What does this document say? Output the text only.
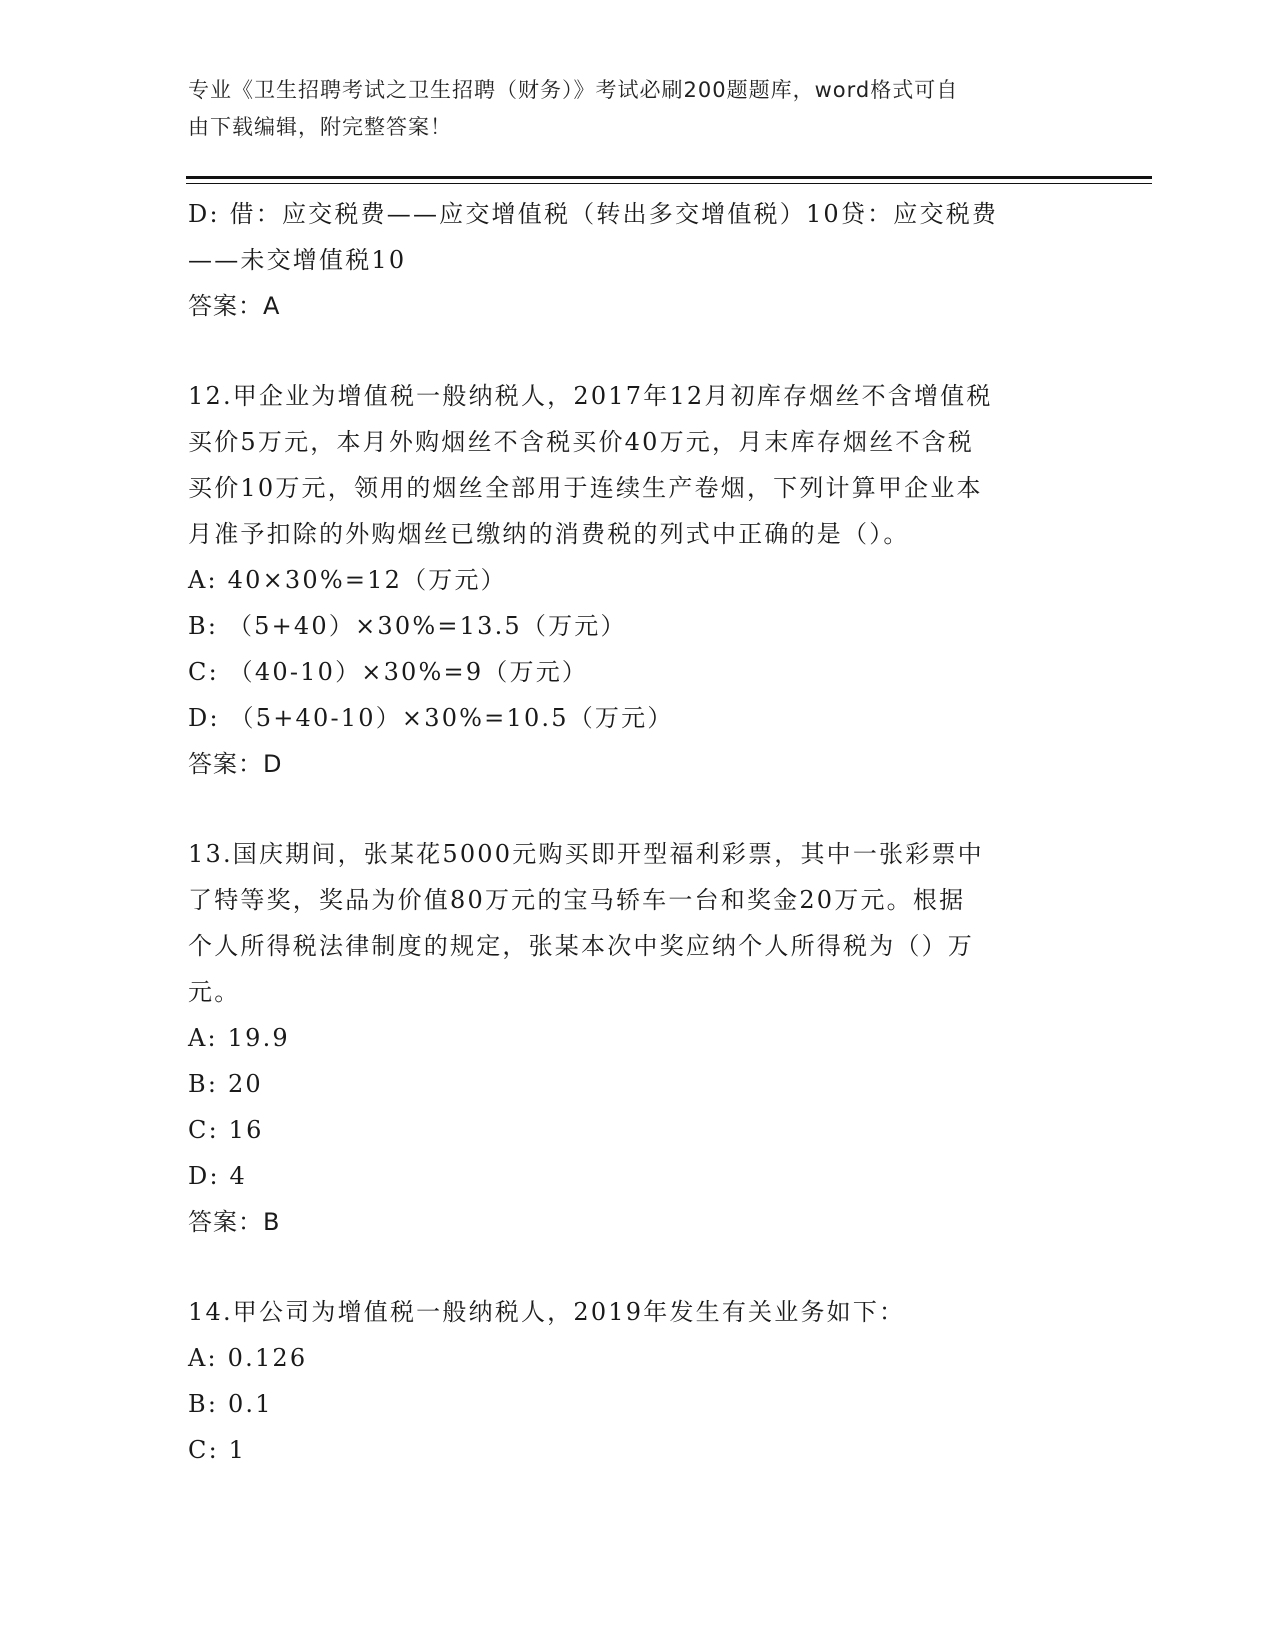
专业《卫生招聘考试之卫生招聘（财务）》考试必刷200题题库，word格式可自
由下载编辑，附完整答案！
D: 借：应交税费——应交增值税（转出多交增值税）10贷：应交税费
——未交增值税10
答案：A
12.甲企业为增值税一般纳税人，2017年12月初库存烟丝不含增值税
买价5万元，本月外购烟丝不含税买价40万元，月末库存烟丝不含税
买价10万元，领用的烟丝全部用于连续生产卷烟，下列计算甲企业本
月准予扣除的外购烟丝已缴纳的消费税的列式中正确的是（）。
A: 40×30%=12（万元）
B: （5+40）×30%=13.5（万元）
C: （40-10）×30%=9（万元）
D: （5+40-10）×30%=10.5（万元）
答案：D
13.国庆期间，张某花5000元购买即开型福利彩票，其中一张彩票中
了特等奖，奖品为价值80万元的宝马轿车一台和奖金20万元。根据
个人所得税法律制度的规定，张某本次中奖应纳个人所得税为（）万
元。
A: 19.9
B: 20
C: 16
D: 4
答案：B
14.甲公司为增值税一般纳税人，2019年发生有关业务如下：
A: 0.126
B: 0.1
C: 1
